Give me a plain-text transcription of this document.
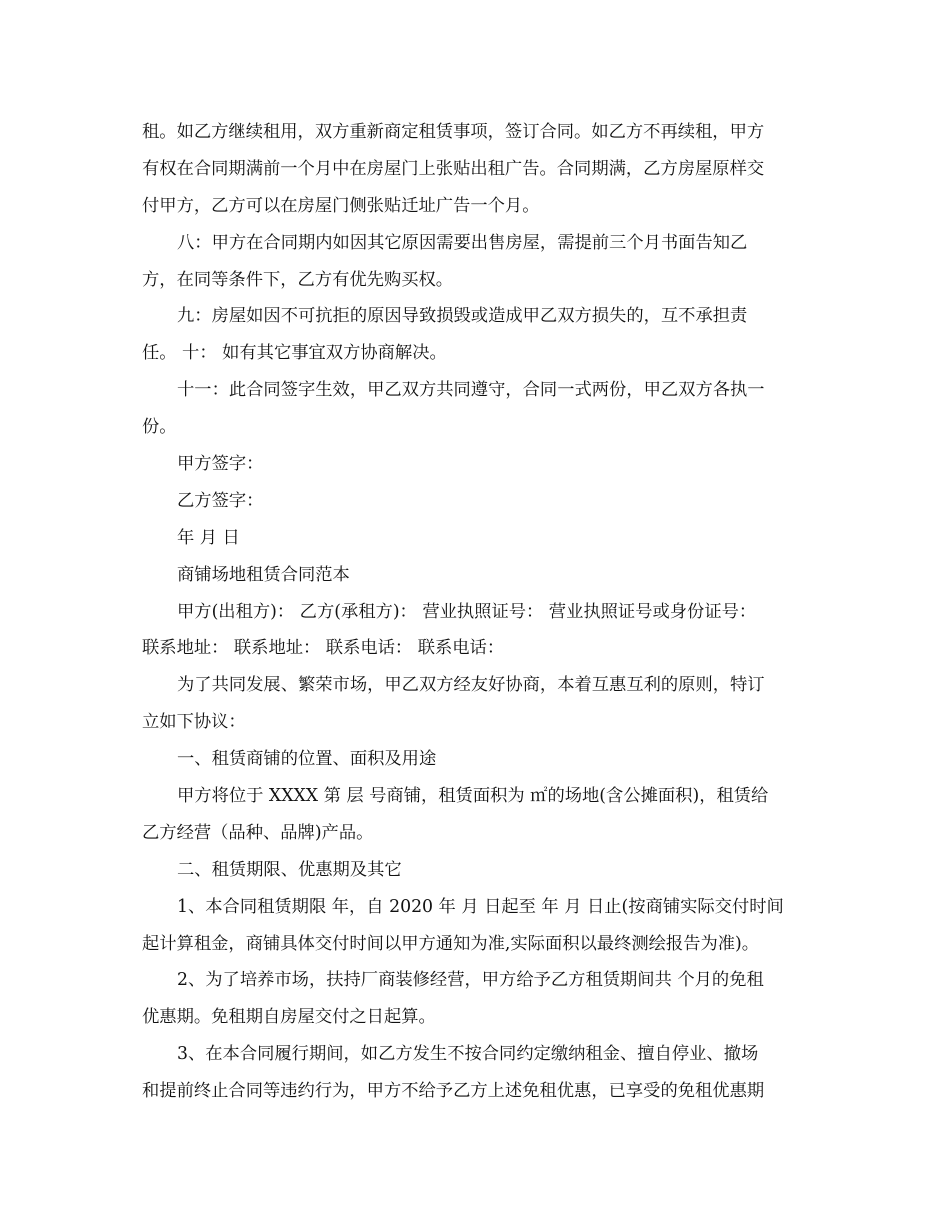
租。如乙方继续租用，双方重新商定租赁事项，签订合同。如乙方不再续租，甲方
有权在合同期满前一个月中在房屋门上张贴出租广告。合同期满，乙方房屋原样交
付甲方，乙方可以在房屋门侧张贴迁址广告一个月。
八：甲方在合同期内如因其它原因需要出售房屋，需提前三个月书面告知乙
方，在同等条件下，乙方有优先购买权。
九：房屋如因不可抗拒的原因导致损毁或造成甲乙双方损失的，互不承担责
任。 十： 如有其它事宜双方协商解决。
十一：此合同签字生效，甲乙双方共同遵守，合同一式两份，甲乙双方各执一
份。
甲方签字：
乙方签字：
年 月 日
商铺场地租赁合同范本
甲方(出租方)： 乙方(承租方)： 营业执照证号： 营业执照证号或身份证号：
联系地址： 联系地址： 联系电话： 联系电话：
为了共同发展、繁荣市场，甲乙双方经友好协商，本着互惠互利的原则，特订
立如下协议：
一、租赁商铺的位置、面积及用途
甲方将位于 XXXX 第 层 号商铺，租赁面积为 ㎡的场地(含公摊面积)，租赁给
乙方经营（品种、品牌)产品。
二、租赁期限、优惠期及其它
1、本合同租赁期限 年，自 2020 年 月 日起至 年 月 日止(按商铺实际交付时间
起计算租金，商铺具体交付时间以甲方通知为准,实际面积以最终测绘报告为准)。
2、为了培养市场，扶持厂商装修经营，甲方给予乙方租赁期间共 个月的免租
优惠期。免租期自房屋交付之日起算。
3、在本合同履行期间，如乙方发生不按合同约定缴纳租金、擅自停业、撤场
和提前终止合同等违约行为，甲方不给予乙方上述免租优惠，已享受的免租优惠期
